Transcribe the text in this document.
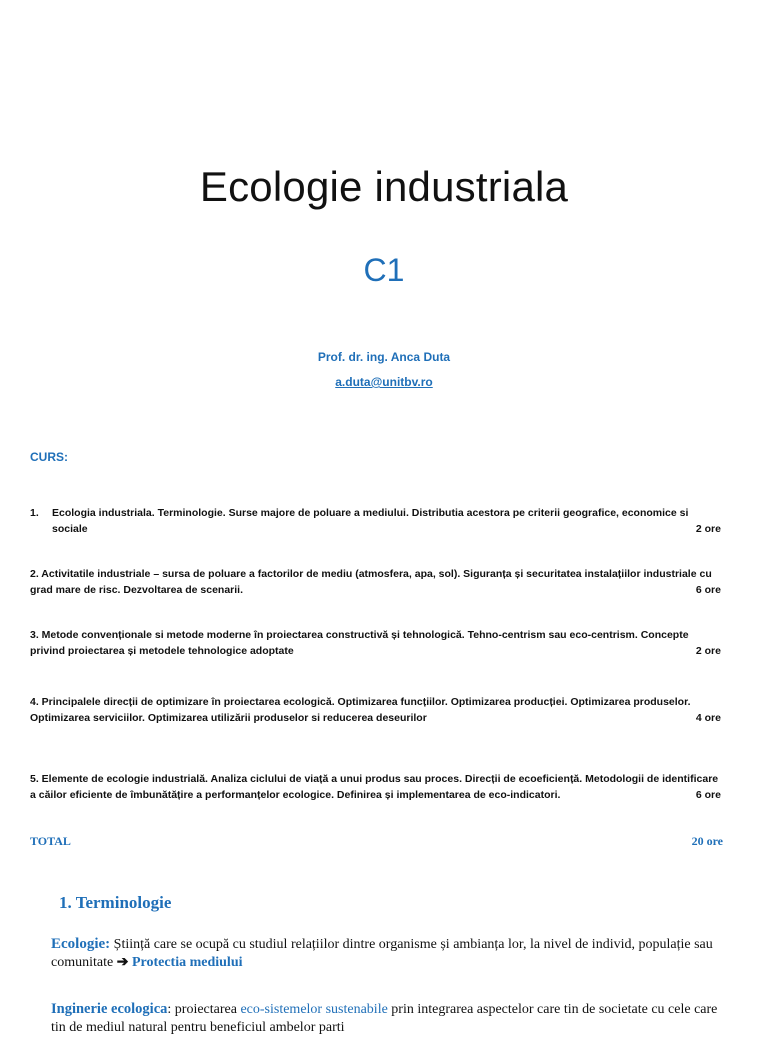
Ecologie industriala
C1
Prof. dr. ing. Anca Duta
a.duta@unitbv.ro
CURS:
1. Ecologia industriala. Terminologie. Surse majore de poluare a mediului. Distributia acestora pe criterii geografice, economice si sociale	2 ore
2. Activitatile industriale – sursa de poluare a factorilor de mediu (atmosfera, apa, sol). Siguranța și securitatea instalațiilor industriale cu grad mare de risc. Dezvoltarea de scenarii.	6 ore
3. Metode convenționale si metode moderne în proiectarea constructivă și tehnologică. Tehno-centrism sau eco-centrism. Concepte privind proiectarea și metodele tehnologice adoptate	2 ore
4. Principalele direcții de optimizare în proiectarea ecologică. Optimizarea funcțiilor. Optimizarea producției. Optimizarea produselor. Optimizarea serviciilor. Optimizarea utilizării produselor si reducerea deseurilor	4 ore
5. Elemente de ecologie industrială. Analiza ciclului de viață a unui produs sau proces. Direcții de ecoeficiență. Metodologii de identificare a căilor eficiente de îmbunătățire a performanțelor ecologice. Definirea și implementarea de eco-indicatori.	6 ore
TOTAL	20 ore
1. Terminologie
Ecologie: Știință care se ocupă cu studiul relațiilor dintre organisme și ambianța lor, la nivel de individ, populație sau comunitate ➔ Protectia mediului
Inginerie ecologica: proiectarea eco-sistemelor sustenabile prin integrarea aspectelor care tin de societate cu cele care tin de mediul natural pentru beneficiul ambelor parti
